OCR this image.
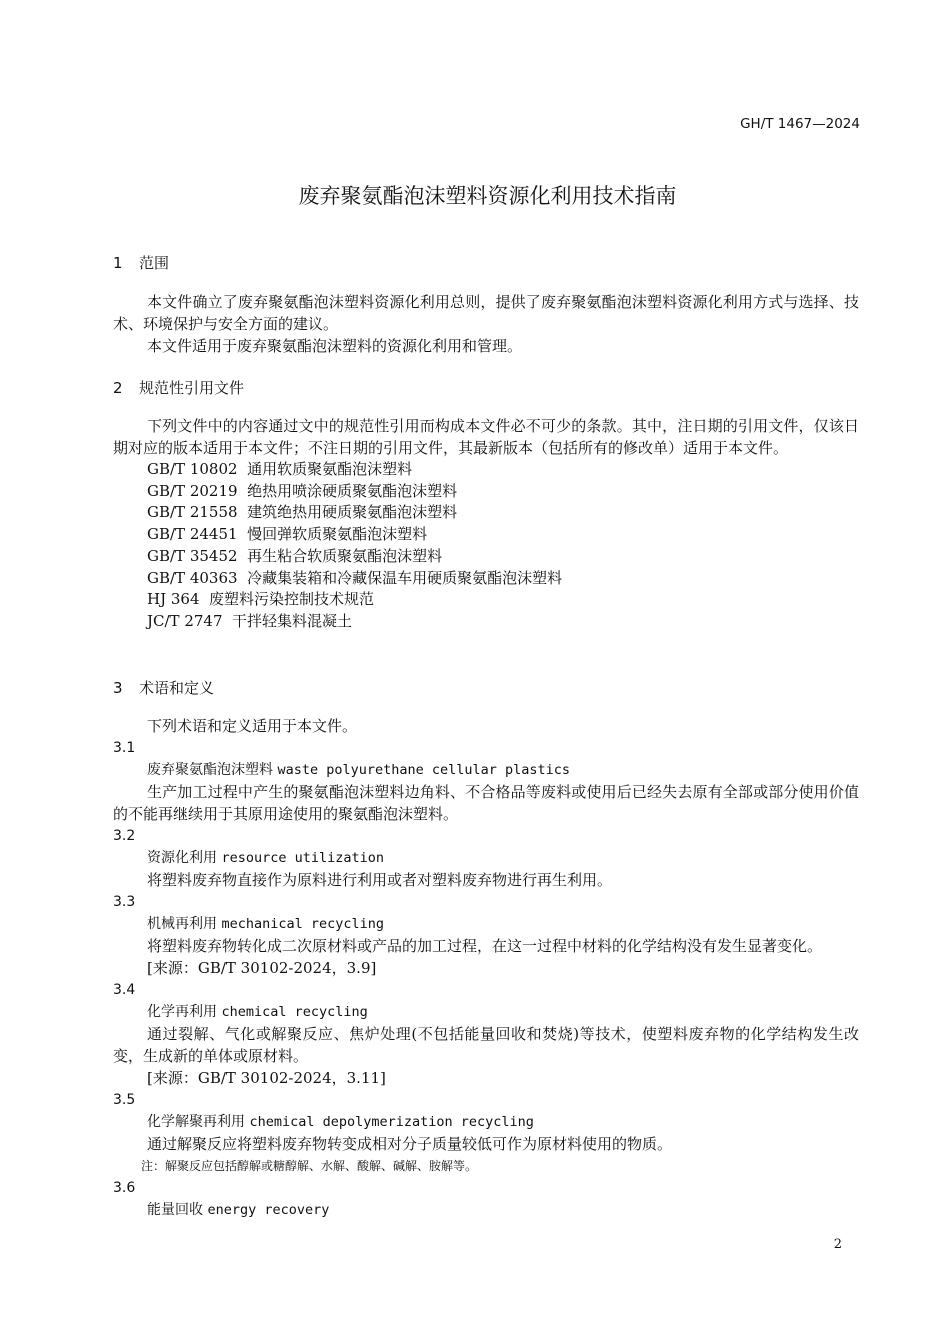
GH/T 1467—2024
废弃聚氨酯泡沫塑料资源化利用技术指南
1 范围

本文件确立了废弃聚氨酯泡沫塑料资源化利用总则，提供了废弃聚氨酯泡沫塑料资源化利用方式与选择、技术、环境保护与安全方面的建议。

本文件适用于废弃聚氨酯泡沫塑料的资源化利用和管理。

2 规范性引用文件

下列文件中的内容通过文中的规范性引用而构成本文件必不可少的条款。其中，注日期的引用文件，仅该日期对应的版本适用于本文件；不注日期的引用文件，其最新版本（包括所有的修改单）适用于本文件。

GB/T 10802  通用软质聚氨酯泡沫塑料

GB/T 20219  绝热用喷涂硬质聚氨酯泡沫塑料

GB/T 21558  建筑绝热用硬质聚氨酯泡沫塑料

GB/T 24451  慢回弹软质聚氨酯泡沫塑料

GB/T 35452  再生粘合软质聚氨酯泡沫塑料

GB/T 40363  冷藏集装箱和冷藏保温车用硬质聚氨酯泡沫塑料

HJ 364  废塑料污染控制技术规范

JC/T 2747  干拌轻集料混凝土

3 术语和定义

下列术语和定义适用于本文件。

3.1

废弃聚氨酯泡沫塑料 waste polyurethane cellular plastics

生产加工过程中产生的聚氨酯泡沫塑料边角料、不合格品等废料或使用后已经失去原有全部或部分使用价值的不能再继续用于其原用途使用的聚氨酯泡沫塑料。

3.2

资源化利用 resource utilization

将塑料废弃物直接作为原料进行利用或者对塑料废弃物进行再生利用。

3.3

机械再利用 mechanical recycling

将塑料废弃物转化成二次原材料或产品的加工过程，在这一过程中材料的化学结构没有发生显著变化。

[来源：GB/T 30102-2024，3.9]

3.4

化学再利用 chemical recycling

通过裂解、气化或解聚反应、焦炉处理(不包括能量回收和焚烧)等技术，使塑料废弃物的化学结构发生改变，生成新的单体或原材料。

[来源：GB/T 30102-2024，3.11]

3.5

化学解聚再利用 chemical depolymerization recycling

通过解聚反应将塑料废弃物转变成相对分子质量较低可作为原材料使用的物质。

注：解聚反应包括醇解或糖醇解、水解、酸解、碱解、胺解等。

3.6

能量回收 energy recovery

2
